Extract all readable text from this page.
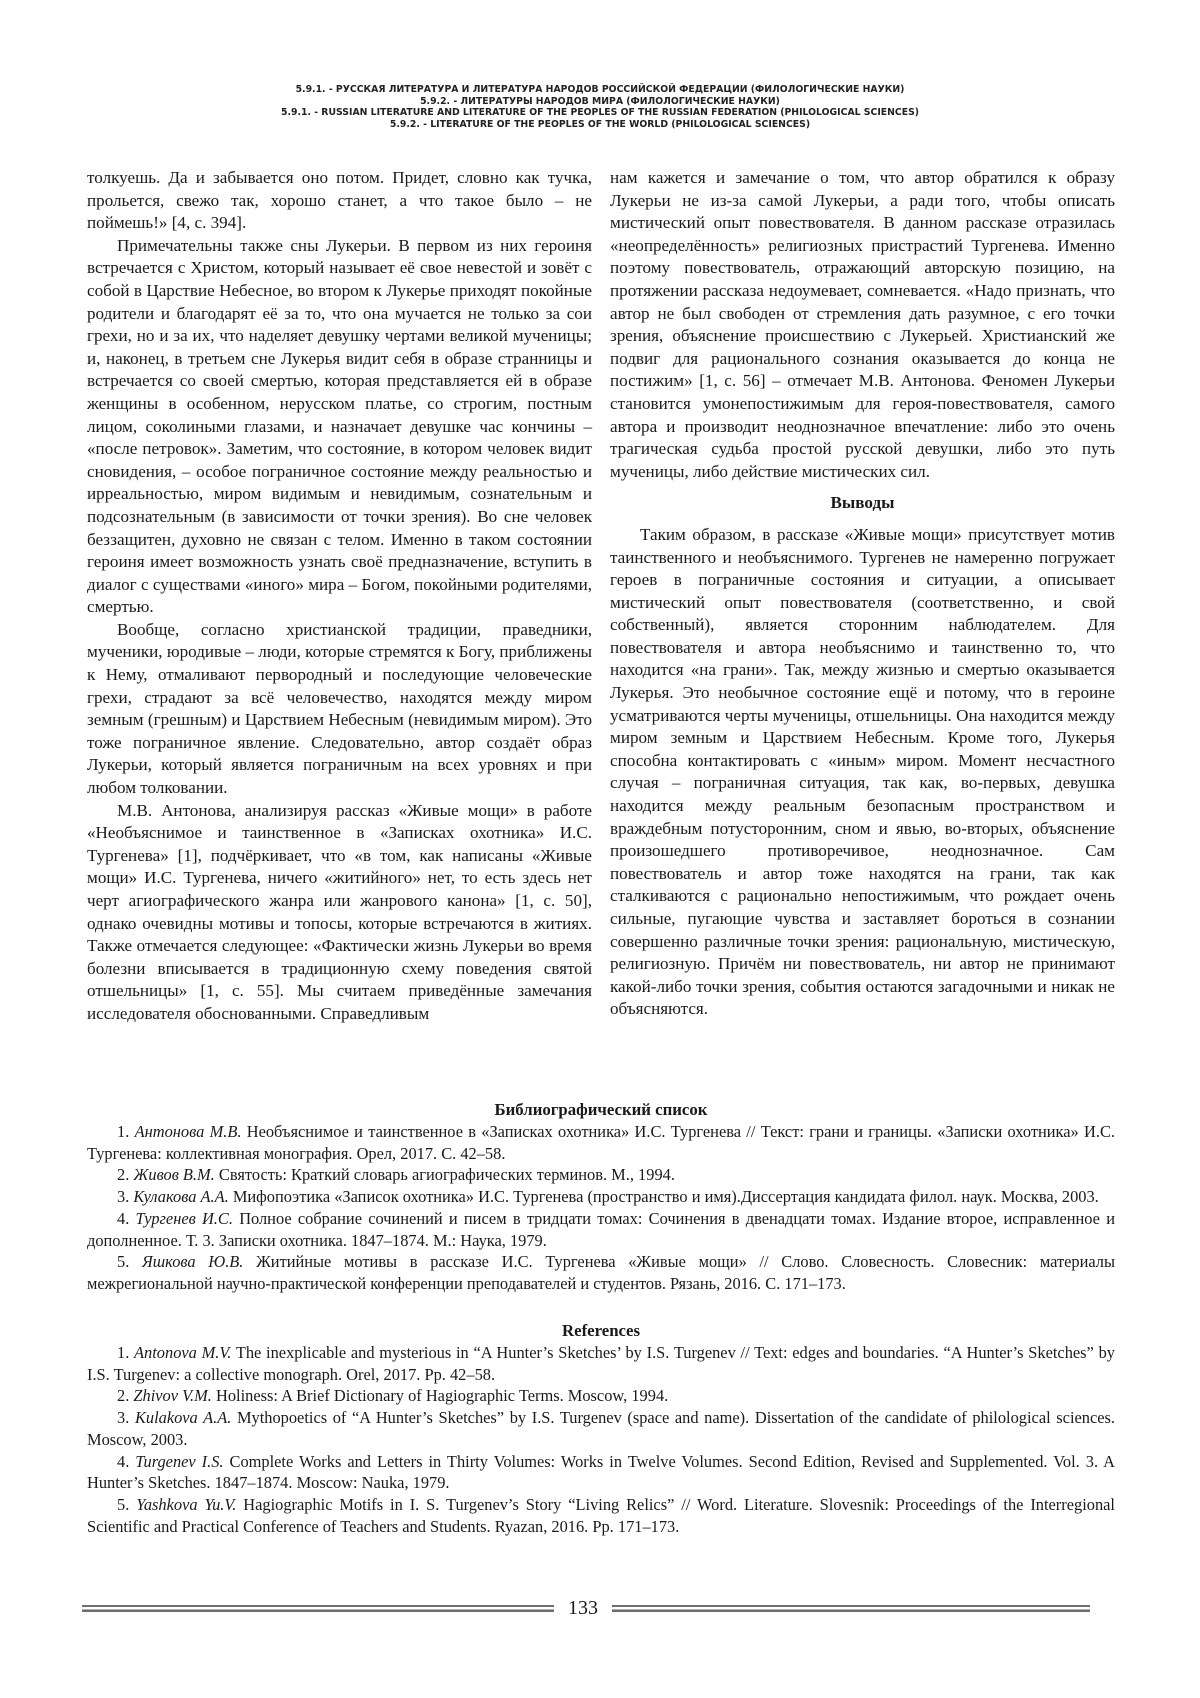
5.9.1. - РУССКАЯ ЛИТЕРАТУРА И ЛИТЕРАТУРА НАРОДОВ РОССИЙСКОЙ ФЕДЕРАЦИИ (ФИЛОЛОГИЧЕСКИЕ НАУКИ)
5.9.2. - ЛИТЕРАТУРЫ НАРОДОВ МИРА (ФИЛОЛОГИЧЕСКИЕ НАУКИ)
5.9.1. - RUSSIAN LITERATURE AND LITERATURE OF THE PEOPLES OF THE RUSSIAN FEDERATION (PHILOLOGICAL SCIENCES)
5.9.2. - LITERATURE OF THE PEOPLES OF THE WORLD (PHILOLOGICAL SCIENCES)

толкуешь. Да и забывается оно потом. Придет, словно как тучка, прольется, свежо так, хорошо станет, а что такое было – не поймешь!» [4, с. 394].

Примечательны также сны Лукерьи. В первом из них героиня встречается с Христом, который называет её свое невестой и зовёт с собой в Царствие Небесное, во втором к Лукерье приходят покойные родители и благодарят её за то, что она мучается не только за сои грехи, но и за их, что наделяет девушку чертами великой мученицы; и, наконец, в третьем сне Лукерья видит себя в образе странницы и встречается со своей смертью, которая представляется ей в образе женщины в особенном, нерусском платье, со строгим, постным лицом, соколиными глазами, и назначает девушке час кончины – «после петровок». Заметим, что состояние, в котором человек видит сновидения, – особое пограничное состояние между реальностью и ирреальностью, миром видимым и невидимым, сознательным и подсознательным (в зависимости от точки зрения). Во сне человек беззащитен, духовно не связан с телом. Именно в таком состоянии героиня имеет возможность узнать своё предназначение, вступить в диалог с существами «иного» мира – Богом, покойными родителями, смертью.

Вообще, согласно христианской традиции, праведники, мученики, юродивые – люди, которые стремятся к Богу, приближены к Нему, отмаливают первородный и последующие человеческие грехи, страдают за всё человечество, находятся между миром земным (грешным) и Царствием Небесным (невидимым миром). Это тоже пограничное явление. Следовательно, автор создаёт образ Лукерьи, который является пограничным на всех уровнях и при любом толковании.

М.В. Антонова, анализируя рассказ «Живые мощи» в работе «Необъяснимое и таинственное в «Записках охотника» И.С. Тургенева» [1], подчёркивает, что «в том, как написаны «Живые мощи» И.С. Тургенева, ничего «житийного» нет, то есть здесь нет черт агиографического жанра или жанрового канона» [1, с. 50], однако очевидны мотивы и топосы, которые встречаются в житиях. Также отмечается следующее: «Фактически жизнь Лукерьи во время болезни вписывается в традиционную схему поведения святой отшельницы» [1, с. 55]. Мы считаем приведённые замечания исследователя обоснованными. Справедливым

нам кажется и замечание о том, что автор обратился к образу Лукерьи не из-за самой Лукерьи, а ради того, чтобы описать мистический опыт повествователя. В данном рассказе отразилась «неопределённость» религиозных пристрастий Тургенева. Именно поэтому повествователь, отражающий авторскую позицию, на протяжении рассказа недоумевает, сомневается. «Надо признать, что автор не был свободен от стремления дать разумное, с его точки зрения, объяснение происшествию с Лукерьей. Христианский же подвиг для рационального сознания оказывается до конца не постижим» [1, с. 56] – отмечает М.В. Антонова. Феномен Лукерьи становится умонепостижимым для героя-повествователя, самого автора и производит неоднозначное впечатление: либо это очень трагическая судьба простой русской девушки, либо это путь мученицы, либо действие мистических сил.

Выводы

Таким образом, в рассказе «Живые мощи» присутствует мотив таинственного и необъяснимого. Тургенев не намеренно погружает героев в пограничные состояния и ситуации, а описывает мистический опыт повествователя (соответственно, и свой собственный), является сторонним наблюдателем. Для повествователя и автора необъяснимо и таинственно то, что находится «на грани». Так, между жизнью и смертью оказывается Лукерья. Это необычное состояние ещё и потому, что в героине усматриваются черты мученицы, отшельницы. Она находится между миром земным и Царствием Небесным. Кроме того, Лукерья способна контактировать с «иным» миром. Момент несчастного случая – пограничная ситуация, так как, во-первых, девушка находится между реальным безопасным пространством и враждебным потусторонним, сном и явью, во-вторых, объяснение произошедшего противоречивое, неоднозначное. Сам повествователь и автор тоже находятся на грани, так как сталкиваются с рационально непостижимым, что рождает очень сильные, пугающие чувства и заставляет бороться в сознании совершенно различные точки зрения: рациональную, мистическую, религиозную. Причём ни повествователь, ни автор не принимают какой-либо точки зрения, события остаются загадочными и никак не объясняются.

Библиографический список

1. Антонова М.В. Необъяснимое и таинственное в «Записках охотника» И.С. Тургенева // Текст: грани и границы. «Записки охотника» И.С. Тургенева: коллективная монография. Орел, 2017. С. 42–58.

2. Живов В.М. Святость: Краткий словарь агиографических терминов. М., 1994.

3. Кулакова А.А. Мифопоэтика «Записок охотника» И.С. Тургенева (пространство и имя).Диссертация кандидата филол. наук. Москва, 2003.

4. Тургенев И.С. Полное собрание сочинений и писем в тридцати томах: Сочинения в двенадцати томах. Издание второе, исправленное и дополненное. Т. 3. Записки охотника. 1847–1874. М.: Наука, 1979.

5. Яшкова Ю.В. Житийные мотивы в рассказе И.С. Тургенева «Живые мощи» // Слово. Словесность. Словесник: материалы межрегиональной научно-практической конференции преподавателей и студентов. Рязань, 2016. С. 171–173.

References

1. Antonova M.V. The inexplicable and mysterious in “A Hunter’s Sketches’ by I.S. Turgenev // Text: edges and boundaries. “A Hunter’s Sketches” by I.S. Turgenev: a collective monograph. Orel, 2017. Pp. 42–58.

2. Zhivov V.M. Holiness: A Brief Dictionary of Hagiographic Terms. Moscow, 1994.

3. Kulakova A.A. Mythopoetics of “A Hunter’s Sketches” by I.S. Turgenev (space and name). Dissertation of the candidate of philological sciences. Moscow, 2003.

4. Turgenev I.S. Complete Works and Letters in Thirty Volumes: Works in Twelve Volumes. Second Edition, Revised and Supplemented. Vol. 3. A Hunter’s Sketches. 1847–1874. Moscow: Nauka, 1979.

5. Yashkova Yu.V. Hagiographic Motifs in I. S. Turgenev’s Story “Living Relics” // Word. Literature. Slovesnik: Proceedings of the Interregional Scientific and Practical Conference of Teachers and Students. Ryazan, 2016. Pp. 171–173.

133
